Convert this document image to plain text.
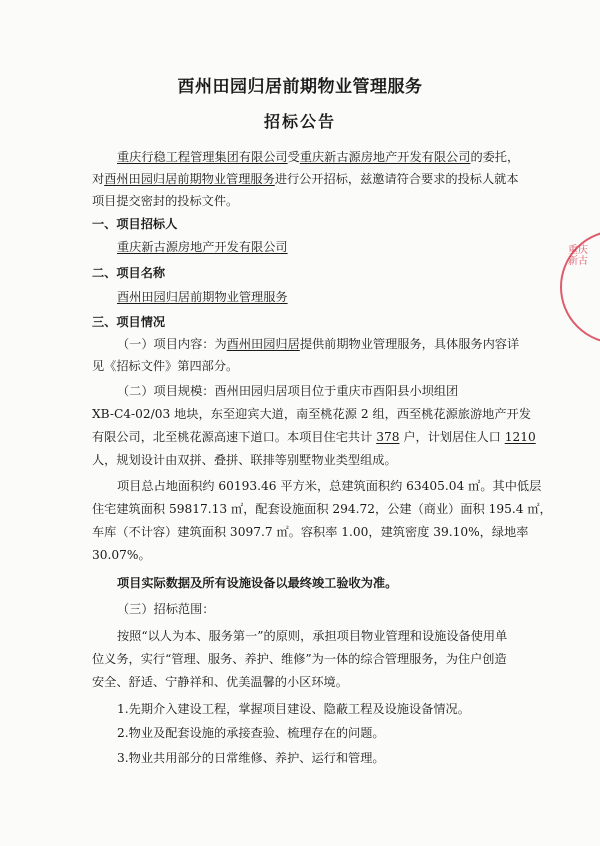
酉州田园归居前期物业管理服务
招标公告
重庆行稳工程管理集团有限公司受重庆新古源房地产开发有限公司的委托，
对酉州田园归居前期物业管理服务进行公开招标，兹邀请符合要求的投标人就本
项目提交密封的投标文件。
一、项目招标人
重庆新古源房地产开发有限公司
二、项目名称
酉州田园归居前期物业管理服务
三、项目情况
（一）项目内容：为酉州田园归居提供前期物业管理服务，具体服务内容详
见《招标文件》第四部分。
（二）项目规模：酉州田园归居项目位于重庆市酉阳县小坝组团
XB-C4-02/03 地块，东至迎宾大道，南至桃花源 2 组，西至桃花源旅游地产开发
有限公司，北至桃花源高速下道口。本项目住宅共计 378 户，计划居住人口 1210
人，规划设计由双拼、叠拼、联排等别墅物业类型组成。
项目总占地面积约 60193.46 平方米，总建筑面积约 63405.04 ㎡。其中低层
住宅建筑面积 59817.13 ㎡，配套设施面积 294.72，公建（商业）面积 195.4 ㎡，
车库（不计容）建筑面积 3097.7 ㎡。容积率 1.00，建筑密度 39.10%，绿地率
30.07%。
项目实际数据及所有设施设备以最终竣工验收为准。
（三）招标范围：
按照“以人为本、服务第一”的原则，承担项目物业管理和设施设备使用单
位义务，实行“管理、服务、养护、维修”为一体的综合管理服务，为住户创造
安全、舒适、宁静祥和、优美温馨的小区环境。
1.先期介入建设工程，掌握项目建设、隐蔽工程及设施设备情况。
2.物业及配套设施的承接查验、梳理存在的问题。
3.物业共用部分的日常维修、养护、运行和管理。
重庆新古
